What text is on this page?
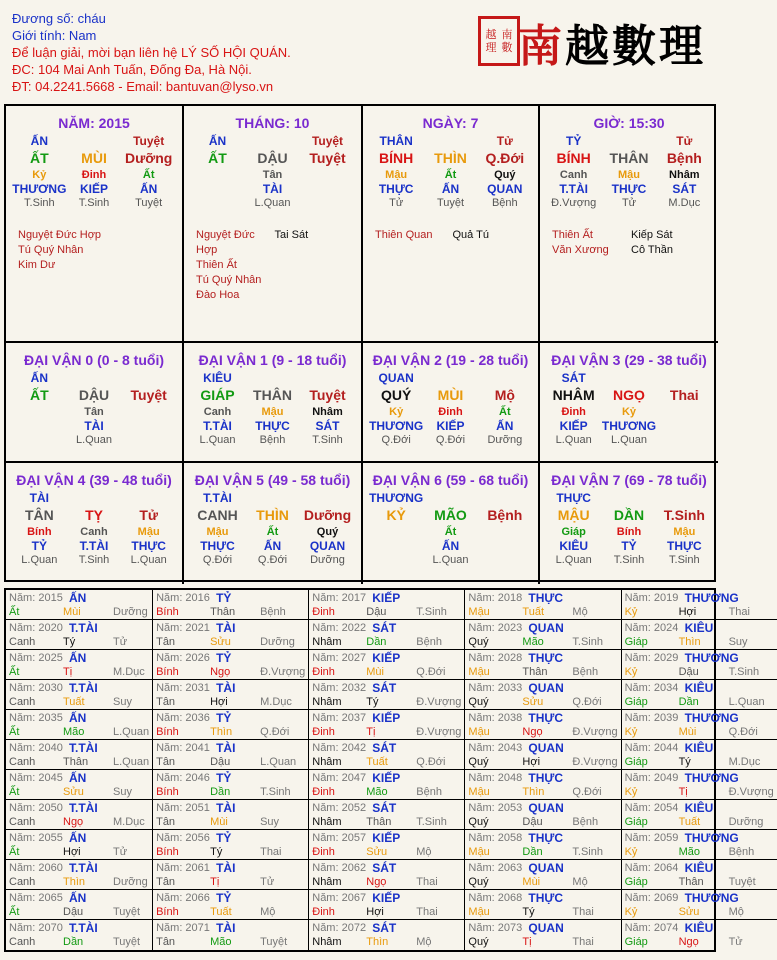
Đương số: cháu
Giới tính: Nam
Để luận giải, mời bạn liên hệ LÝ SỐ HỘI QUÁN.
ĐC: 104 Mai Anh Tuấn, Đống Đa, Hà Nội.
ĐT: 04.2241.5668 - Email: bantuvan@lyso.vn
越 南
理 數 南越數理
NĂM: 2015
ẤN	Tuyệt
ẤT	MÙI	Dưỡng
Kỷ	Đinh	Ất
THƯƠNG	KIẾP	ẤN
T.Sinh	T.Sinh	Tuyệt
Nguyệt Đức Hợp
Tú Quý Nhân
Kim Dư
THÁNG: 10
ẤN	Tuyệt
ẤT	DẬU	Tuyệt
Tân
TÀI
L.Quan
Nguyệt Đức Hợp
Thiên Ất
Tú Quý Nhân
Đào Hoa
Tai Sát
NGÀY: 7
THÂN	Tử
BÍNH	THÌN	Q.Đới
Mậu	Ất	Quý
THỰC	ẤN	QUAN
Tử	Tuyệt	Bệnh
Thiên Quan	Quả Tú
GIỜ: 15:30
TỶ	Tử
BÍNH	THÂN	Bệnh
Canh	Mậu	Nhâm
T.TÀI	THỰC	SÁT
Đ.Vượng	Tử	M.Dục
Thiên Ất
Văn Xương
Kiếp Sát
Cô Thần
ĐẠI VẬN 0 (0 - 8 tuổi)
ẤN
ẤT	DẬU	Tuyệt
Tân
TÀI
L.Quan
ĐẠI VẬN 1 (9 - 18 tuổi)
KIÊU
GIÁP	THÂN	Tuyệt
Canh	Mậu	Nhâm
T.TÀI	THỰC	SÁT
L.Quan	Bệnh	T.Sinh
ĐẠI VẬN 2 (19 - 28 tuổi)
QUAN
QUÝ	MÙI	Mộ
Kỷ	Đinh	Ất
THƯƠNG	KIẾP	ẤN
Q.Đới	Q.Đới	Dưỡng
ĐẠI VẬN 3 (29 - 38 tuổi)
SÁT
NHÂM	NGỌ	Thai
Đinh	Kỷ
KIẾP	THƯƠNG
L.Quan	L.Quan
ĐẠI VẬN 4 (39 - 48 tuổi)
TÀI
TÂN	TỴ	Tử
Bính	Canh	Mậu
TỶ	T.TÀI	THỰC
L.Quan	T.Sinh	L.Quan
ĐẠI VẬN 5 (49 - 58 tuổi)
T.TÀI
CANH	THÌN	Dưỡng
Mậu	Ất	Quý
THỰC	ẤN	QUAN
Q.Đới	Q.Đới	Dưỡng
ĐẠI VẬN 6 (59 - 68 tuổi)
THƯƠNG
KỶ	MÃO	Bệnh
Ất
ẤN
L.Quan
ĐẠI VẬN 7 (69 - 78 tuổi)
THỰC
MẬU	DẦN	T.Sinh
Giáp	Bính	Mậu
KIÊU	TỶ	THỰC
L.Quan	T.Sinh	T.Sinh
Năm: 2015 ẤN
Ất	Mùi	Dưỡng
Năm: 2016 TỶ
Bính	Thân	Bệnh
Năm: 2017 KIẾP
Đinh	Dậu	T.Sinh
Năm: 2018 THỰC
Mậu	Tuất	Mộ
Năm: 2019 THƯƠNG
Kỷ	Hợi	Thai
Năm: 2020 T.TÀI
Canh	Tý	Tử
Năm: 2021 TÀI
Tân	Sửu	Dưỡng
Năm: 2022 SÁT
Nhâm	Dần	Bệnh
Năm: 2023 QUAN
Quý	Mão	T.Sinh
Năm: 2024 KIÊU
Giáp	Thìn	Suy
Năm: 2025 ẤN
Ất	Tị	M.Dục
Năm: 2026 TỶ
Bính	Ngọ	Đ.Vượng
Năm: 2027 KIẾP
Đinh	Mùi	Q.Đới
Năm: 2028 THỰC
Mậu	Thân	Bệnh
Năm: 2029 THƯƠNG
Kỷ	Dậu	T.Sinh
Năm: 2030 T.TÀI
Canh	Tuất	Suy
Năm: 2031 TÀI
Tân	Hợi	M.Dục
Năm: 2032 SÁT
Nhâm	Tý	Đ.Vượng
Năm: 2033 QUAN
Quý	Sửu	Q.Đới
Năm: 2034 KIÊU
Giáp	Dần	L.Quan
Năm: 2035 ẤN
Ất	Mão	L.Quan
Năm: 2036 TỶ
Bính	Thìn	Q.Đới
Năm: 2037 KIẾP
Đinh	Tị	Đ.Vượng
Năm: 2038 THỰC
Mậu	Ngọ	Đ.Vượng
Năm: 2039 THƯƠNG
Kỷ	Mùi	Q.Đới
Năm: 2040 T.TÀI
Canh	Thân	L.Quan
Năm: 2041 TÀI
Tân	Dậu	L.Quan
Năm: 2042 SÁT
Nhâm	Tuất	Q.Đới
Năm: 2043 QUAN
Quý	Hợi	Đ.Vượng
Năm: 2044 KIÊU
Giáp	Tý	M.Dục
Năm: 2045 ẤN
Ất	Sửu	Suy
Năm: 2046 TỶ
Bính	Dần	T.Sinh
Năm: 2047 KIẾP
Đinh	Mão	Bệnh
Năm: 2048 THỰC
Mậu	Thìn	Q.Đới
Năm: 2049 THƯƠNG
Kỷ	Tị	Đ.Vượng
Năm: 2050 T.TÀI
Canh	Ngọ	M.Dục
Năm: 2051 TÀI
Tân	Mùi	Suy
Năm: 2052 SÁT
Nhâm	Thân	T.Sinh
Năm: 2053 QUAN
Quý	Dậu	Bệnh
Năm: 2054 KIÊU
Giáp	Tuất	Dưỡng
Năm: 2055 ẤN
Ất	Hợi	Tử
Năm: 2056 TỶ
Bính	Tý	Thai
Năm: 2057 KIẾP
Đinh	Sửu	Mộ
Năm: 2058 THỰC
Mậu	Dần	T.Sinh
Năm: 2059 THƯƠNG
Kỷ	Mão	Bệnh
Năm: 2060 T.TÀI
Canh	Thìn	Dưỡng
Năm: 2061 TÀI
Tân	Tị	Tử
Năm: 2062 SÁT
Nhâm	Ngọ	Thai
Năm: 2063 QUAN
Quý	Mùi	Mộ
Năm: 2064 KIÊU
Giáp	Thân	Tuyệt
Năm: 2065 ẤN
Ất	Dậu	Tuyệt
Năm: 2066 TỶ
Bính	Tuất	Mộ
Năm: 2067 KIẾP
Đinh	Hợi	Thai
Năm: 2068 THỰC
Mậu	Tý	Thai
Năm: 2069 THƯƠNG
Kỷ	Sửu	Mộ
Năm: 2070 T.TÀI
Canh	Dần	Tuyệt
Năm: 2071 TÀI
Tân	Mão	Tuyệt
Năm: 2072 SÁT
Nhâm	Thìn	Mộ
Năm: 2073 QUAN
Quý	Tị	Thai
Năm: 2074 KIÊU
Giáp	Ngọ	Tử
